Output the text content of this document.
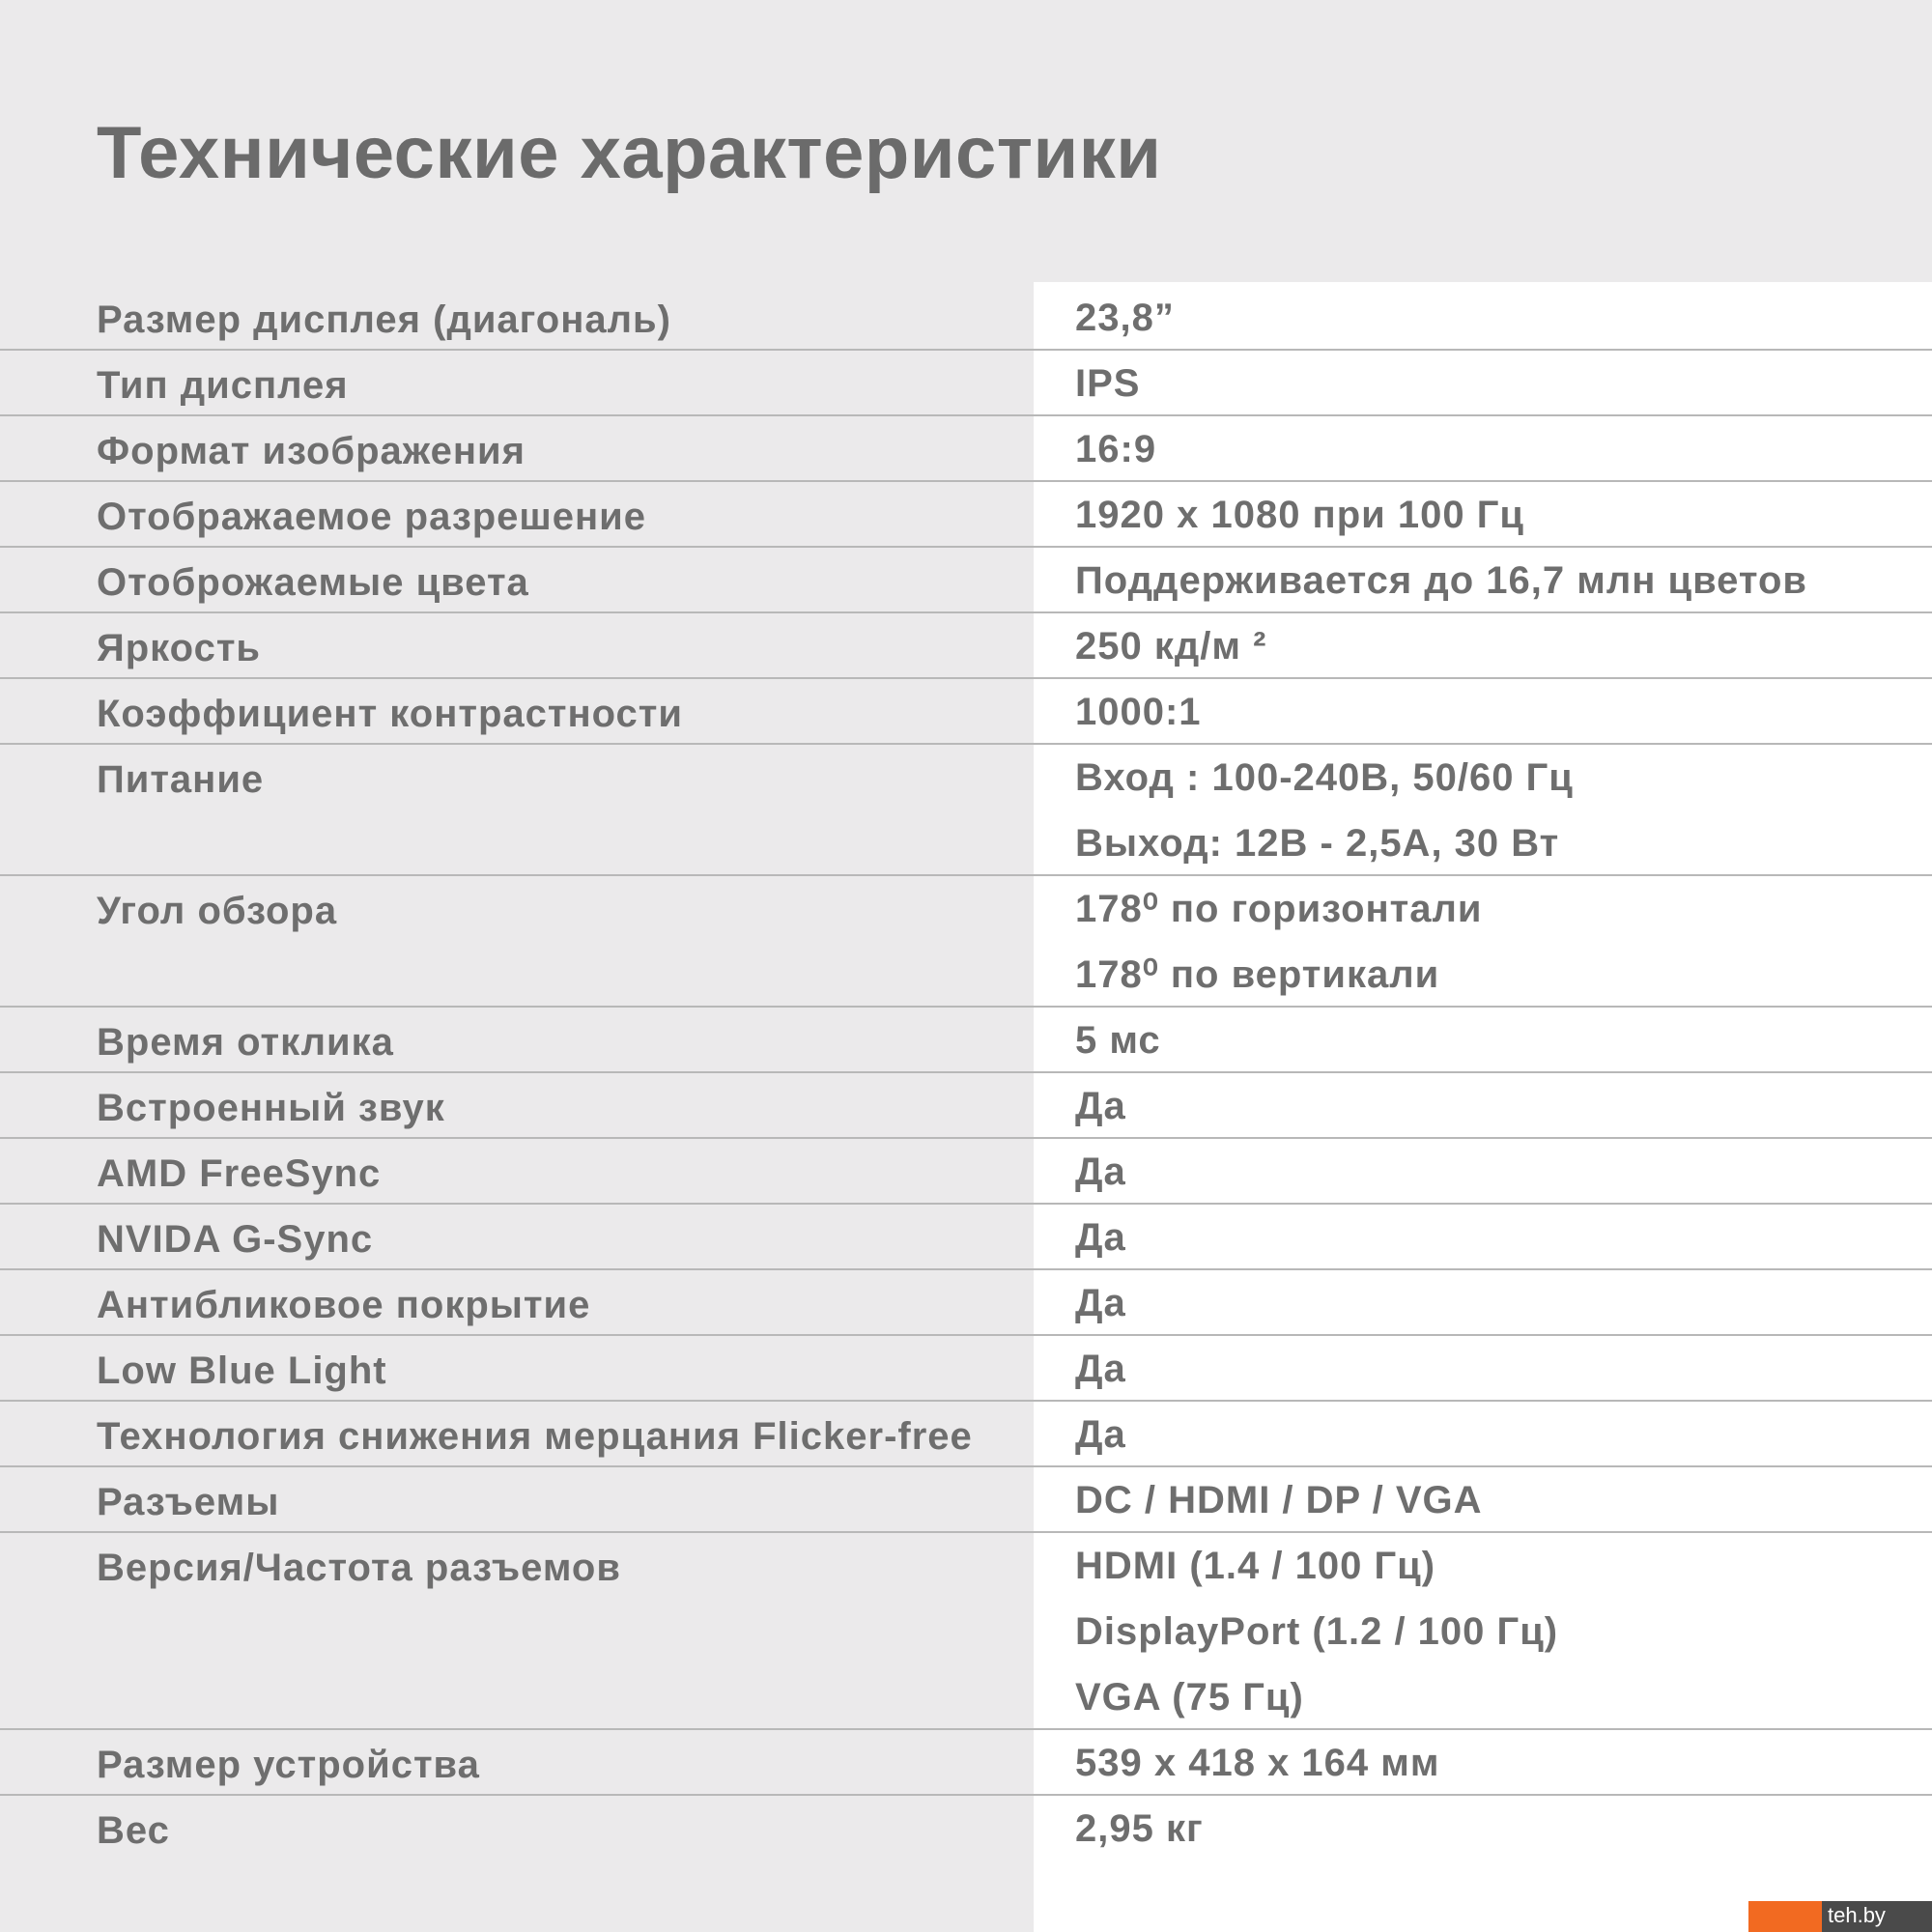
Технические характеристики
Размер дисплея (диагональ)	23,8”
Тип дисплея	IPS
Формат изображения	16:9
Отображаемое разрешение	1920 x 1080 при 100 Гц
Отоброжаемые цвета	Поддерживается до 16,7 млн цветов
Яркость	250 кд/м ²
Коэффициент контрастности	1000:1
Питание	Вход : 100-240В, 50/60 Гц
Выход: 12В - 2,5А, 30 Вт
Угол обзора	178⁰ по горизонтали
178⁰ по вертикали
Время отклика	5 мс
Встроенный звук	Да
AMD FreeSync	Да
NVIDA G-Sync	Да
Антибликовое покрытие	Да
Low Blue Light	Да
Технология снижения мерцания Flicker-free	Да
Разъемы	DC / HDMI / DP / VGA
Версия/Частота разъемов	HDMI (1.4 / 100 Гц)
DisplayPort (1.2 / 100 Гц)
VGA (75 Гц)
Размер устройства	539 x 418 x 164 мм
Вес	2,95 кг
teh.by
